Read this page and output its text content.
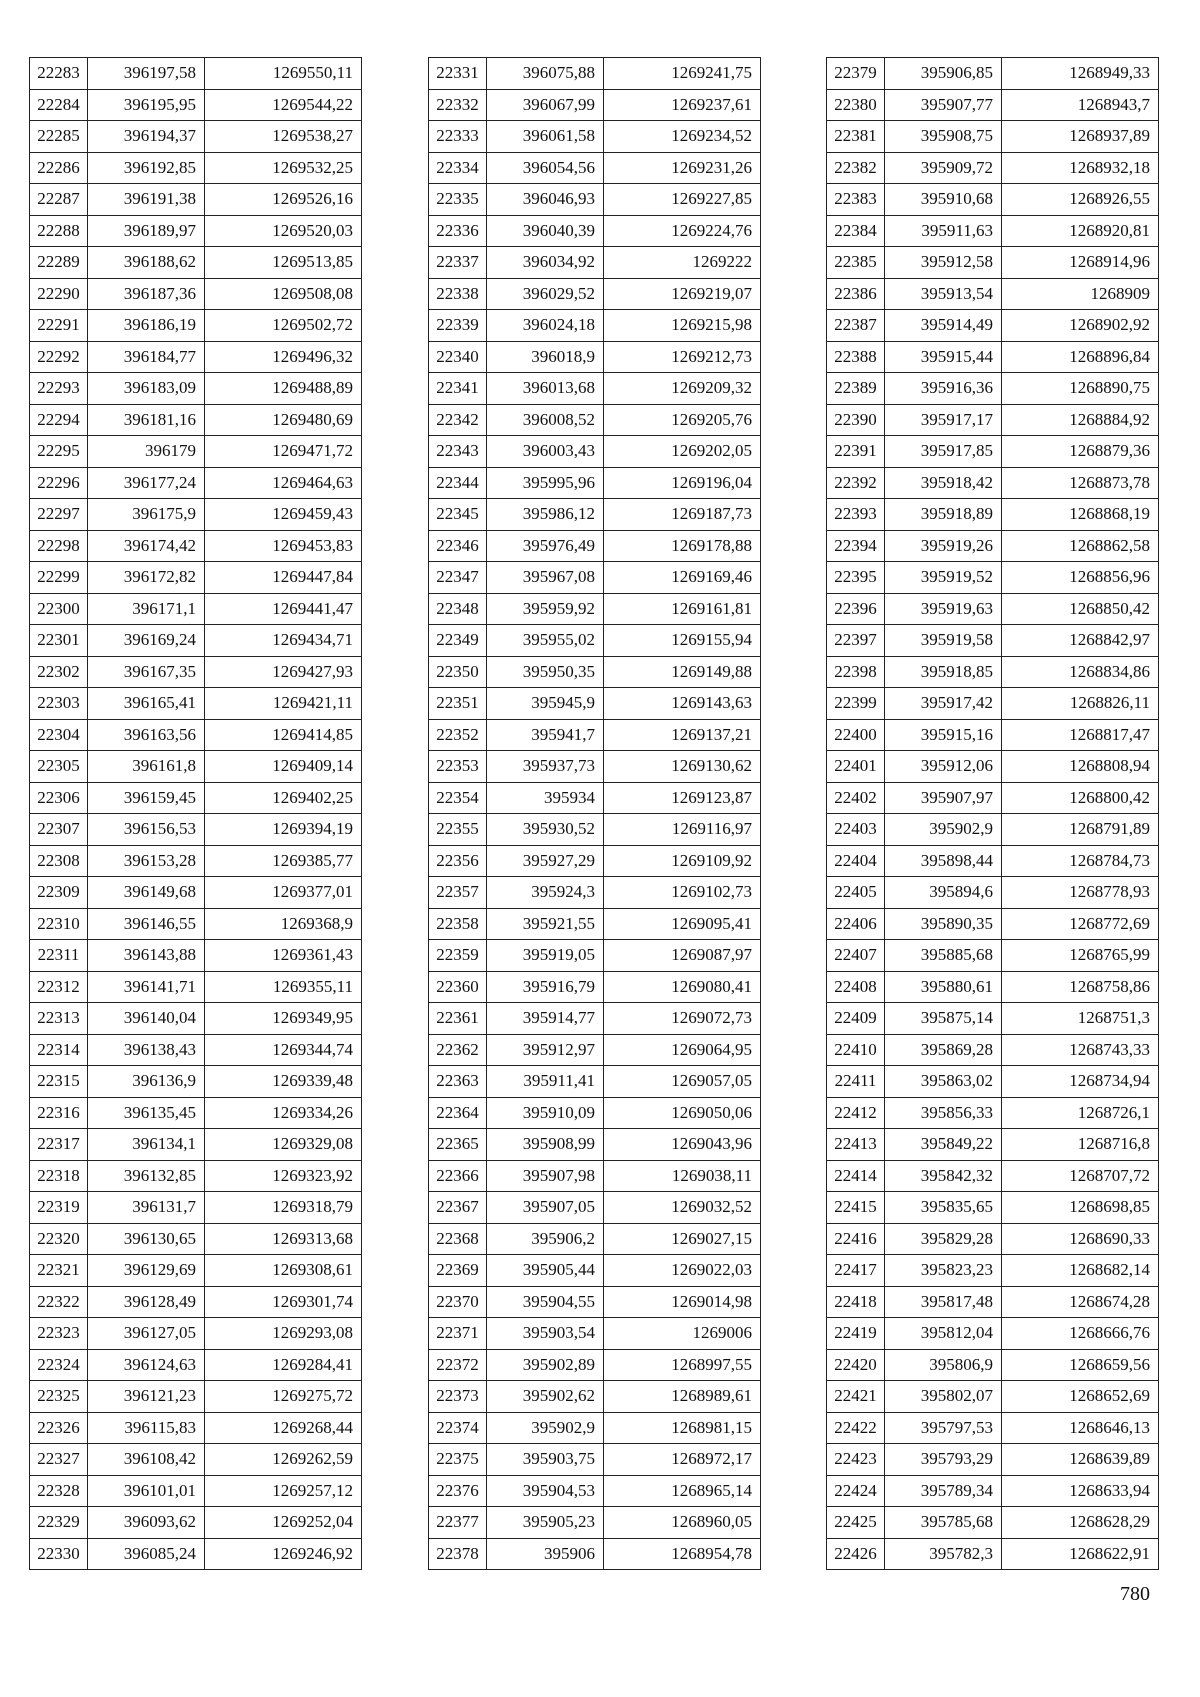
22283	396197,58	1269550,11
22284	396195,95	1269544,22
22285	396194,37	1269538,27
22286	396192,85	1269532,25
22287	396191,38	1269526,16
22288	396189,97	1269520,03
22289	396188,62	1269513,85
22290	396187,36	1269508,08
22291	396186,19	1269502,72
22292	396184,77	1269496,32
22293	396183,09	1269488,89
22294	396181,16	1269480,69
22295	396179	1269471,72
22296	396177,24	1269464,63
22297	396175,9	1269459,43
22298	396174,42	1269453,83
22299	396172,82	1269447,84
22300	396171,1	1269441,47
22301	396169,24	1269434,71
22302	396167,35	1269427,93
22303	396165,41	1269421,11
22304	396163,56	1269414,85
22305	396161,8	1269409,14
22306	396159,45	1269402,25
22307	396156,53	1269394,19
22308	396153,28	1269385,77
22309	396149,68	1269377,01
22310	396146,55	1269368,9
22311	396143,88	1269361,43
22312	396141,71	1269355,11
22313	396140,04	1269349,95
22314	396138,43	1269344,74
22315	396136,9	1269339,48
22316	396135,45	1269334,26
22317	396134,1	1269329,08
22318	396132,85	1269323,92
22319	396131,7	1269318,79
22320	396130,65	1269313,68
22321	396129,69	1269308,61
22322	396128,49	1269301,74
22323	396127,05	1269293,08
22324	396124,63	1269284,41
22325	396121,23	1269275,72
22326	396115,83	1269268,44
22327	396108,42	1269262,59
22328	396101,01	1269257,12
22329	396093,62	1269252,04
22330	396085,24	1269246,92
22331	396075,88	1269241,75
22332	396067,99	1269237,61
22333	396061,58	1269234,52
22334	396054,56	1269231,26
22335	396046,93	1269227,85
22336	396040,39	1269224,76
22337	396034,92	1269222
22338	396029,52	1269219,07
22339	396024,18	1269215,98
22340	396018,9	1269212,73
22341	396013,68	1269209,32
22342	396008,52	1269205,76
22343	396003,43	1269202,05
22344	395995,96	1269196,04
22345	395986,12	1269187,73
22346	395976,49	1269178,88
22347	395967,08	1269169,46
22348	395959,92	1269161,81
22349	395955,02	1269155,94
22350	395950,35	1269149,88
22351	395945,9	1269143,63
22352	395941,7	1269137,21
22353	395937,73	1269130,62
22354	395934	1269123,87
22355	395930,52	1269116,97
22356	395927,29	1269109,92
22357	395924,3	1269102,73
22358	395921,55	1269095,41
22359	395919,05	1269087,97
22360	395916,79	1269080,41
22361	395914,77	1269072,73
22362	395912,97	1269064,95
22363	395911,41	1269057,05
22364	395910,09	1269050,06
22365	395908,99	1269043,96
22366	395907,98	1269038,11
22367	395907,05	1269032,52
22368	395906,2	1269027,15
22369	395905,44	1269022,03
22370	395904,55	1269014,98
22371	395903,54	1269006
22372	395902,89	1268997,55
22373	395902,62	1268989,61
22374	395902,9	1268981,15
22375	395903,75	1268972,17
22376	395904,53	1268965,14
22377	395905,23	1268960,05
22378	395906	1268954,78
22379	395906,85	1268949,33
22380	395907,77	1268943,7
22381	395908,75	1268937,89
22382	395909,72	1268932,18
22383	395910,68	1268926,55
22384	395911,63	1268920,81
22385	395912,58	1268914,96
22386	395913,54	1268909
22387	395914,49	1268902,92
22388	395915,44	1268896,84
22389	395916,36	1268890,75
22390	395917,17	1268884,92
22391	395917,85	1268879,36
22392	395918,42	1268873,78
22393	395918,89	1268868,19
22394	395919,26	1268862,58
22395	395919,52	1268856,96
22396	395919,63	1268850,42
22397	395919,58	1268842,97
22398	395918,85	1268834,86
22399	395917,42	1268826,11
22400	395915,16	1268817,47
22401	395912,06	1268808,94
22402	395907,97	1268800,42
22403	395902,9	1268791,89
22404	395898,44	1268784,73
22405	395894,6	1268778,93
22406	395890,35	1268772,69
22407	395885,68	1268765,99
22408	395880,61	1268758,86
22409	395875,14	1268751,3
22410	395869,28	1268743,33
22411	395863,02	1268734,94
22412	395856,33	1268726,1
22413	395849,22	1268716,8
22414	395842,32	1268707,72
22415	395835,65	1268698,85
22416	395829,28	1268690,33
22417	395823,23	1268682,14
22418	395817,48	1268674,28
22419	395812,04	1268666,76
22420	395806,9	1268659,56
22421	395802,07	1268652,69
22422	395797,53	1268646,13
22423	395793,29	1268639,89
22424	395789,34	1268633,94
22425	395785,68	1268628,29
22426	395782,3	1268622,91
780
